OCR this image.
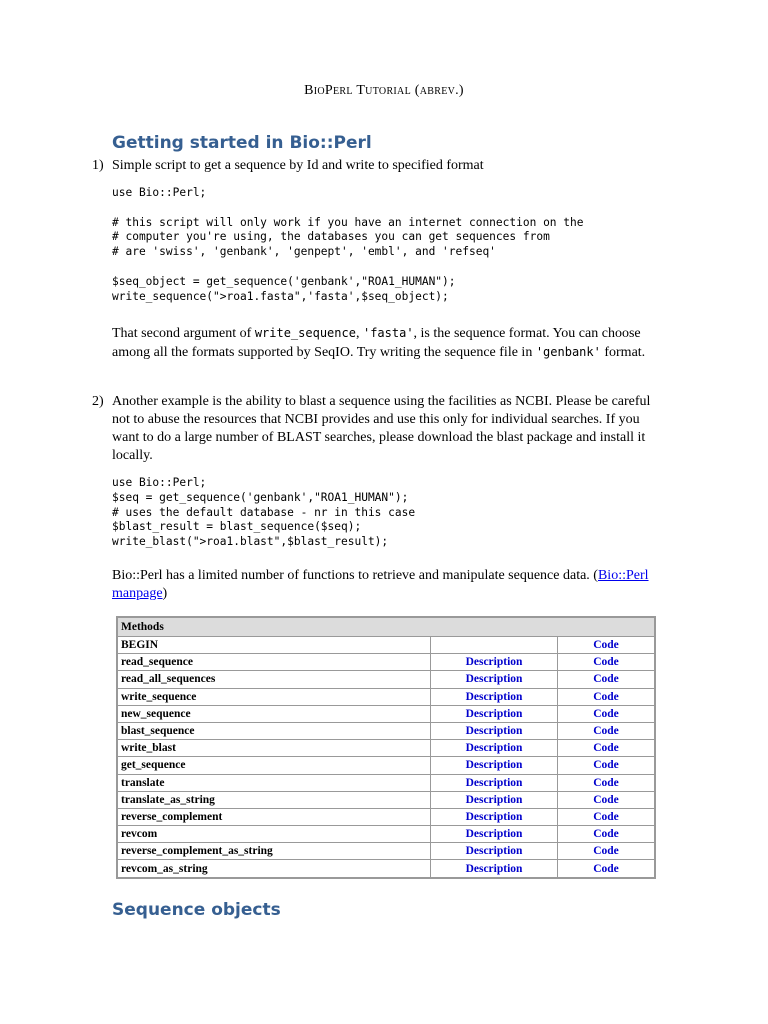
BioPerl Tutorial (abrev.)
Getting started in Bio::Perl
1) Simple script to get a sequence by Id and write to specified format

use Bio::Perl;

# this script will only work if you have an internet connection on the
# computer you're using, the databases you can get sequences from
# are 'swiss', 'genbank', 'genpept', 'embl', and 'refseq'

$seq_object = get_sequence('genbank',"ROA1_HUMAN");
write_sequence(">roa1.fasta",'fasta',$seq_object);

That second argument of write_sequence, 'fasta', is the sequence format. You can choose among all the formats supported by SeqIO. Try writing the sequence file in 'genbank' format.

2) Another example is the ability to blast a sequence using the facilities as NCBI. Please be careful not to abuse the resources that NCBI provides and use this only for individual searches. If you want to do a large number of BLAST searches, please download the blast package and install it locally.

use Bio::Perl;
$seq = get_sequence('genbank',"ROA1_HUMAN");
# uses the default database - nr in this case
$blast_result = blast_sequence($seq);
write_blast(">roa1.blast",$blast_result);

Bio::Perl has a limited number of functions to retrieve and manipulate sequence data. (Bio::Perl manpage)

Methods		
BEGIN		Code
read_sequence	Description	Code
read_all_sequences	Description	Code
write_sequence	Description	Code
new_sequence	Description	Code
blast_sequence	Description	Code
write_blast	Description	Code
get_sequence	Description	Code
translate	Description	Code
translate_as_string	Description	Code
reverse_complement	Description	Code
revcom	Description	Code
reverse_complement_as_string	Description	Code
revcom_as_string	Description	Code
Sequence objects
